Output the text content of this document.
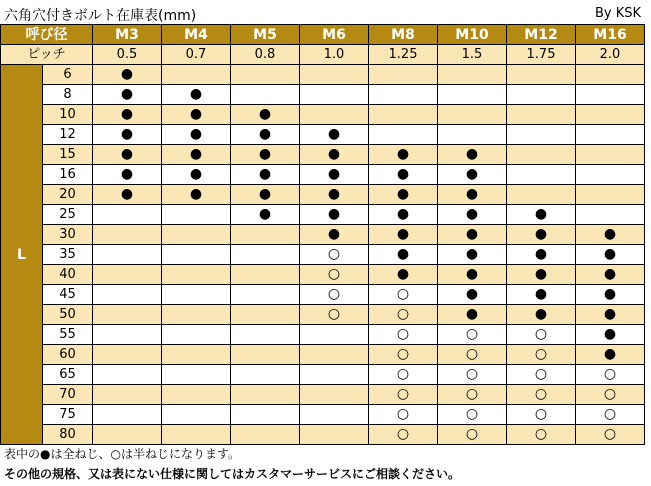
六角穴付きボルト在庫表(mm)	By KSK
呼び径		M3	M4	M5	M6	M8	M10	M12	M16
ピッチ		0.5	0.7	0.8	1.0	1.25	1.5	1.75	2.0
L	6	●							
	8	●	●						
	10	●	●	●					
	12	●	●	●	●				
	15	●	●	●	●	●	●		
	16	●	●	●	●	●	●		
	20	●	●	●	●	●	●		
	25			●	●	●	●	●	
	30				●	●	●	●	●
	35				○	●	●	●	●
	40				○	●	●	●	●
	45				○	○	●	●	●
	50				○	○	●	●	●
	55					○	○	○	●
	60					○	○	○	●
	65					○	○	○	○
	70					○	○	○	○
	75					○	○	○	○
	80					○	○	○	○
表中の●は全ねじ、○は半ねじになります。
その他の規格、又は表にない仕様に関してはカスタマーサービスにご相談ください。
